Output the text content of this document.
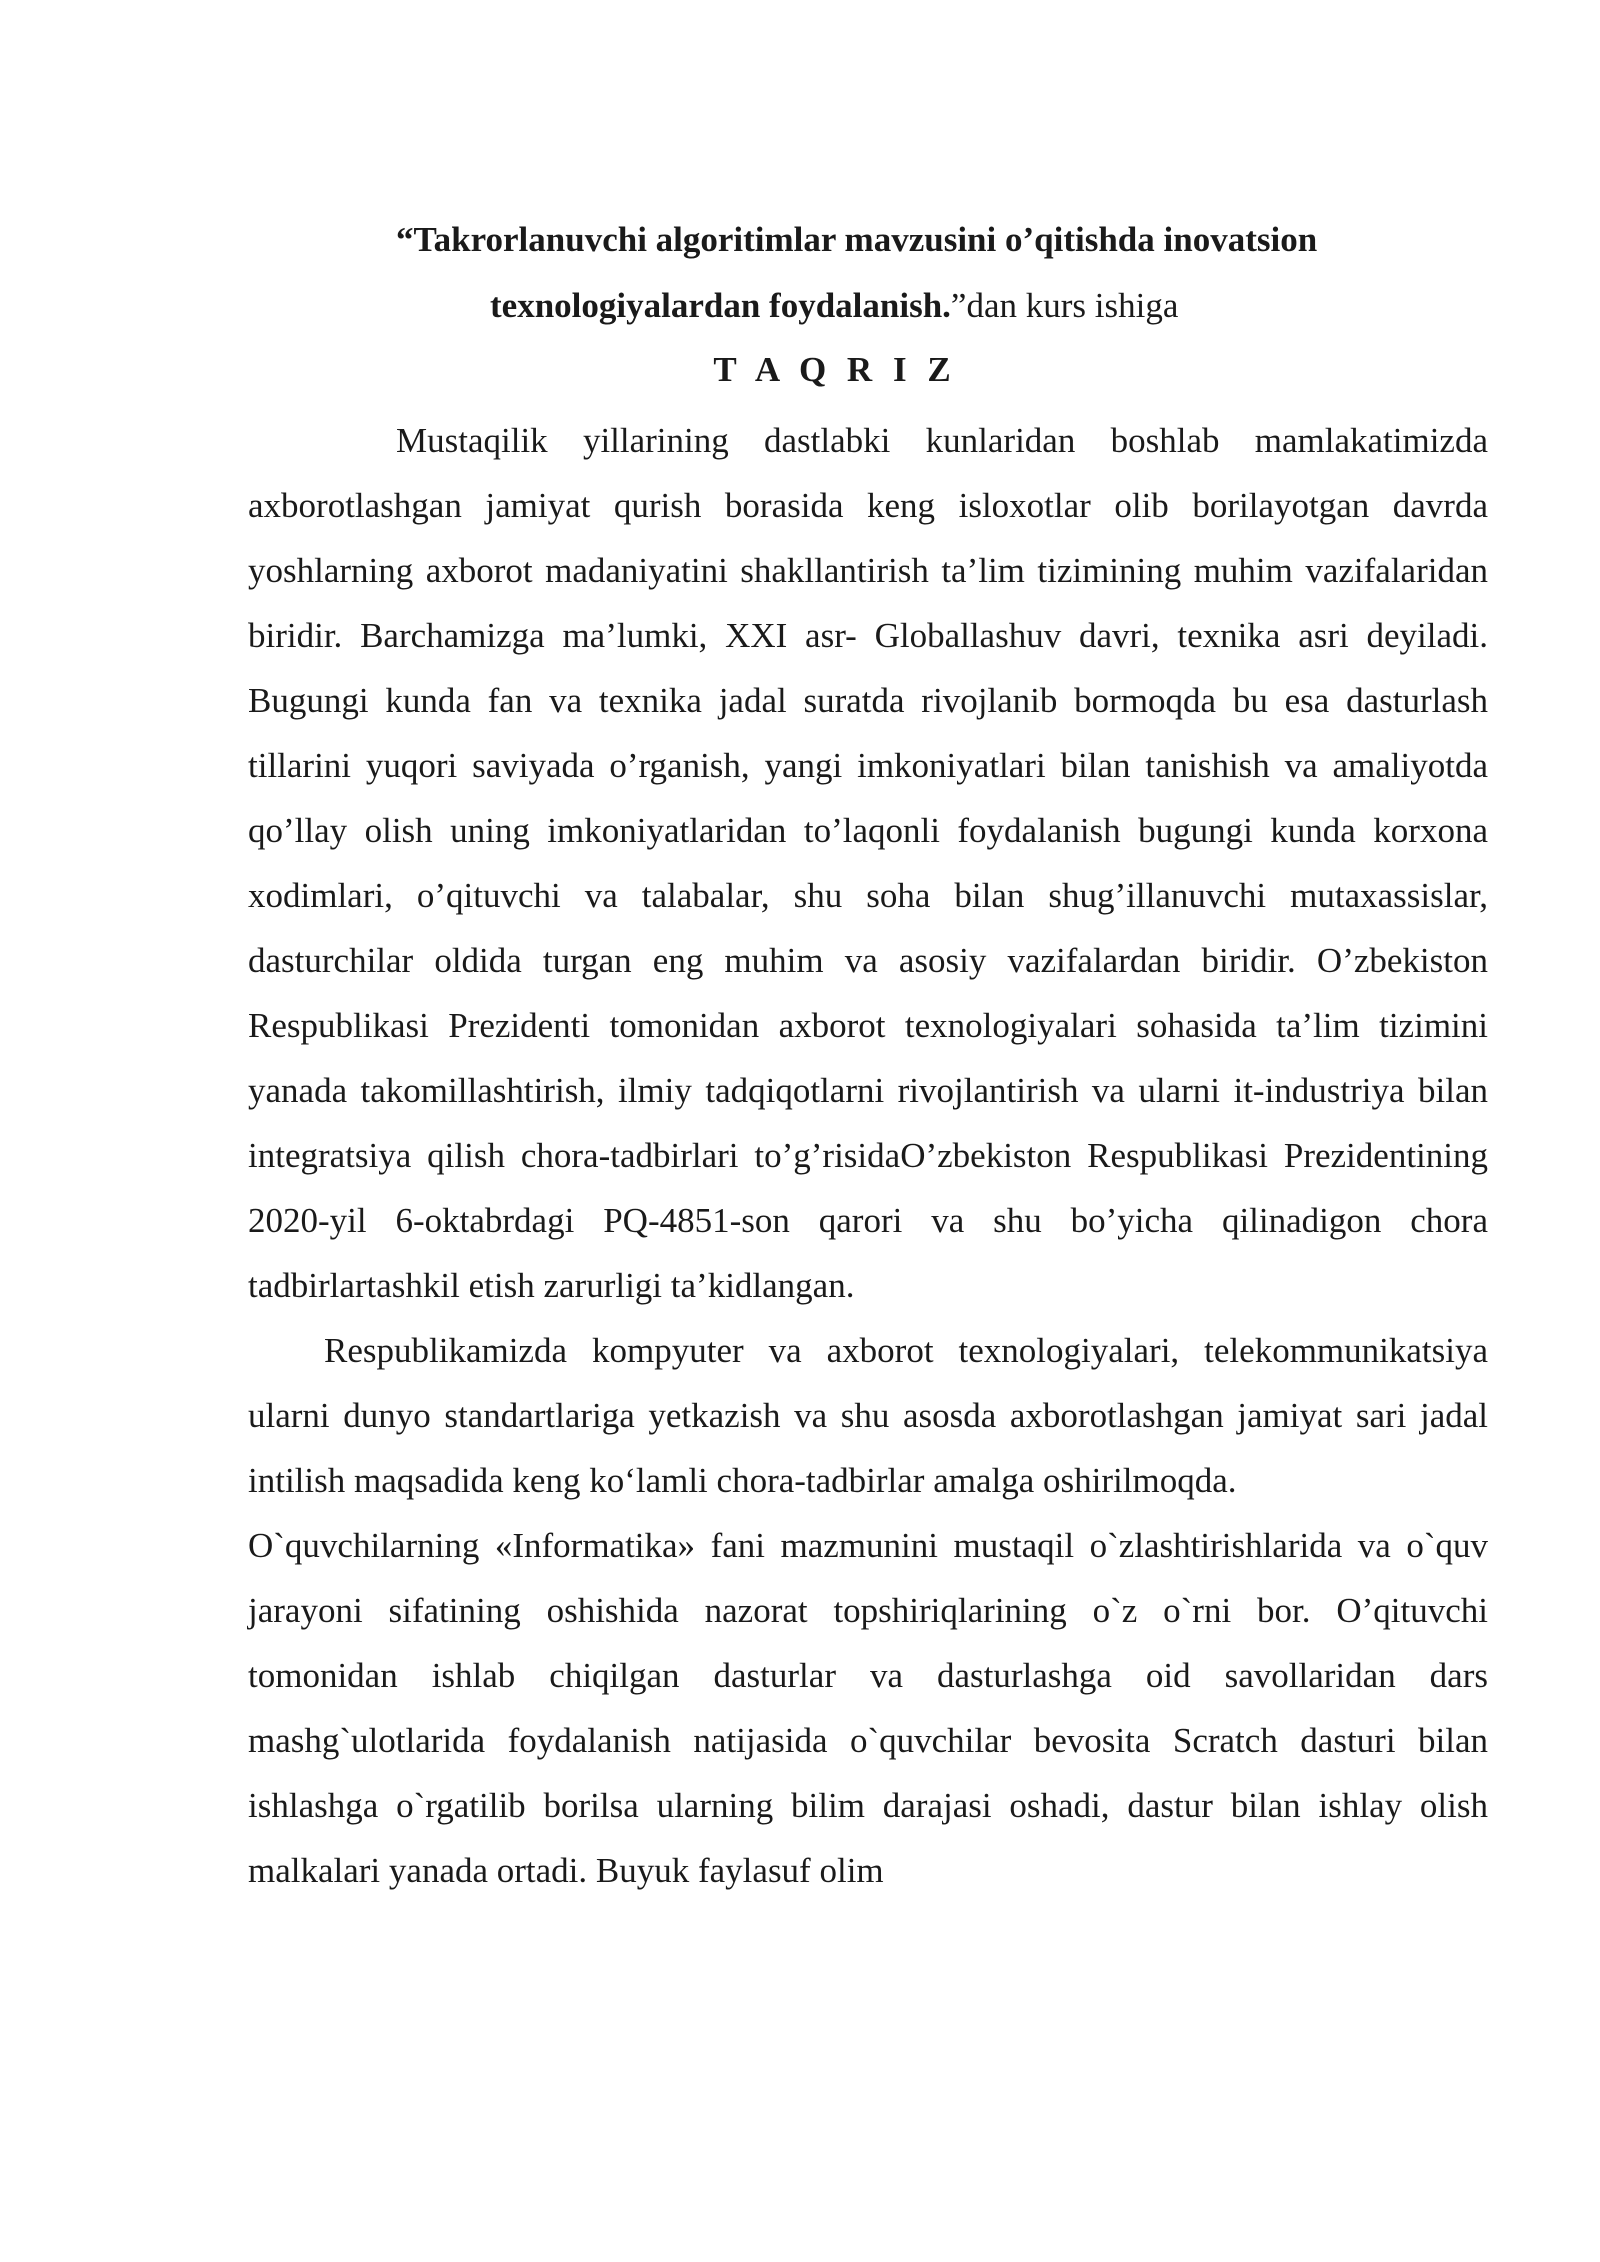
“Takrorlanuvchi algoritimlar mavzusini o’qitishda inovatsion
texnologiyalardan foydalanish.”dan kurs ishiga
T A Q R I Z

Mustaqilik yillarining dastlabki kunlaridan boshlab mamlakatimizda axborotlashgan jamiyat qurish borasida keng isloxotlar olib borilayotgan davrda yoshlarning axborot madaniyatini shakllantirish ta’lim tizimining muhim vazifalaridan biridir. Barchamizga ma’lumki, XXI asr- Globallashuv davri, texnika asri deyiladi. Bugungi kunda fan va texnika jadal suratda rivojlanib bormoqda bu esa dasturlash tillarini yuqori saviyada o’rganish, yangi imkoniyatlari bilan tanishish va amaliyotda qo’llay olish uning imkoniyatlaridan to’laqonli foydalanish bugungi kunda korxona xodimlari, o’qituvchi va talabalar, shu soha bilan shug’illanuvchi mutaxassislar, dasturchilar oldida turgan eng muhim va asosiy vazifalardan biridir. O’zbekiston Respublikasi Prezidenti tomonidan axborot texnologiyalari sohasida ta’lim tizimini yanada takomillashtirish, ilmiy tadqiqotlarni rivojlantirish va ularni it-industriya bilan integratsiya qilish chora-tadbirlari to’g’risidaO’zbekiston Respublikasi Prezidentining 2020-yil 6-oktabrdagi PQ-4851-son qarori va shu bo’yicha qilinadigon chora tadbirlartashkil etish zarurligi ta’kidlangan.

Respublikamizda kompyuter va axborot texnologiyalari, telekommunikatsiya ularni dunyo standartlariga yetkazish va shu asosda axborotlashgan jamiyat sari jadal intilish maqsadida keng ko‘lamli chora-tadbirlar amalga oshirilmoqda.

O`quvchilarning «Informatika» fani mazmunini mustaqil o`zlashtirishlarida va o`quv jarayoni sifatining oshishida nazorat topshiriqlarining o`z o`rni bor. O’qituvchi tomonidan ishlab chiqilgan dasturlar va dasturlashga oid savollaridan dars mashg`ulotlarida foydalanish natijasida o`quvchilar bevosita Scratch dasturi bilan ishlashga o`rgatilib borilsa ularning bilim darajasi oshadi, dastur bilan ishlay olish malkalari yanada ortadi. Buyuk faylasuf olim
